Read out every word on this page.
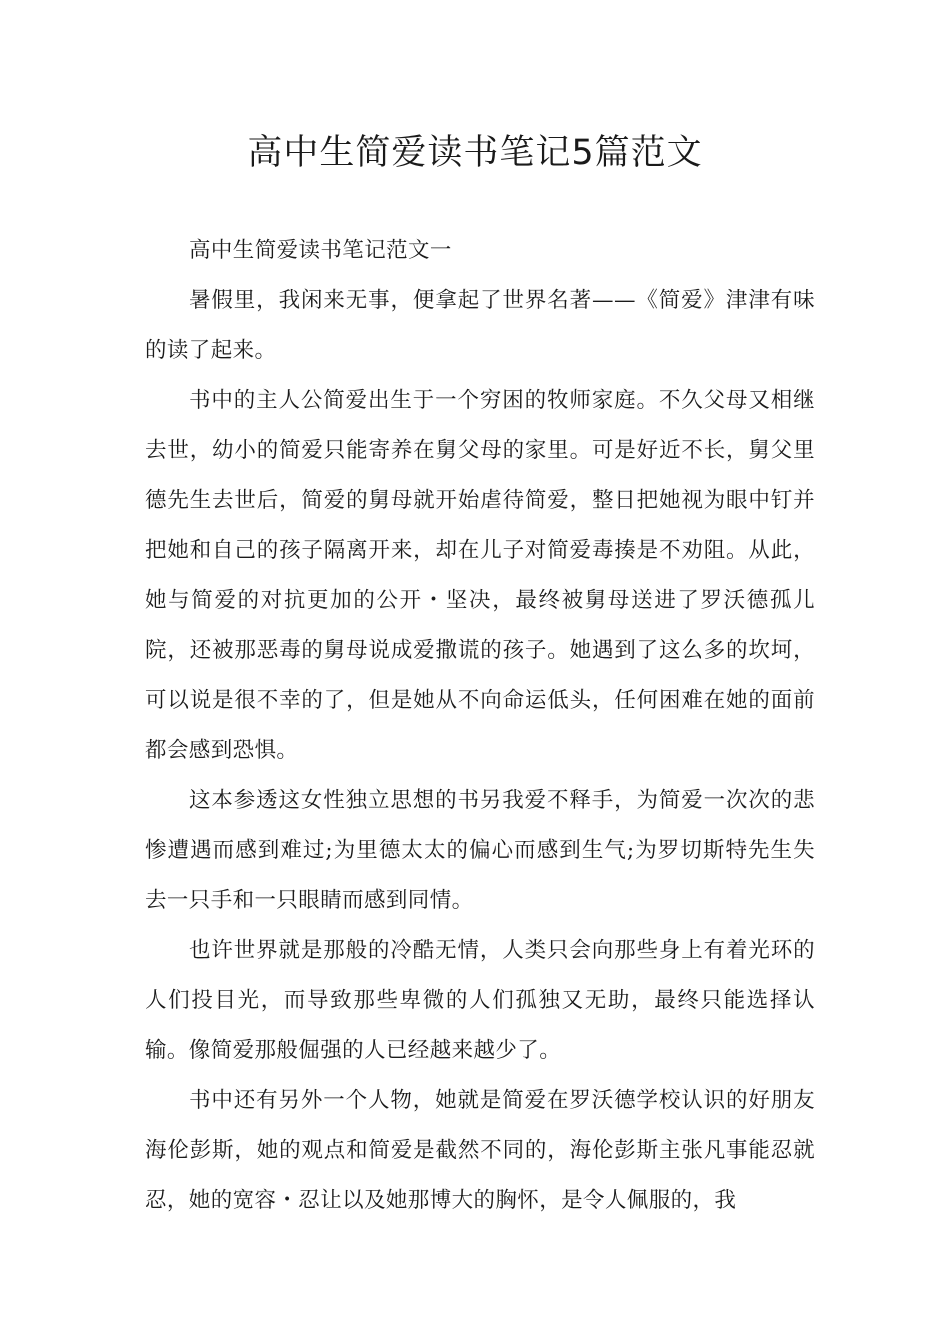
高中生简爱读书笔记5篇范文

高中生简爱读书笔记范文一

暑假里，我闲来无事，便拿起了世界名著——《简爱》津津有味的读了起来。

书中的主人公简爱出生于一个穷困的牧师家庭。不久父母又相继去世，幼小的简爱只能寄养在舅父母的家里。可是好近不长，舅父里德先生去世后，简爱的舅母就开始虐待简爱，整日把她视为眼中钉并把她和自己的孩子隔离开来，却在儿子对简爱毒揍是不劝阻。从此，她与简爱的对抗更加的公开・坚决，最终被舅母送进了罗沃德孤儿院，还被那恶毒的舅母说成爱撒谎的孩子。她遇到了这么多的坎坷，可以说是很不幸的了，但是她从不向命运低头，任何困难在她的面前都会感到恐惧。

这本参透这女性独立思想的书另我爱不释手，为简爱一次次的悲惨遭遇而感到难过;为里德太太的偏心而感到生气;为罗切斯特先生失去一只手和一只眼睛而感到同情。

也许世界就是那般的冷酷无情，人类只会向那些身上有着光环的人们投目光，而导致那些卑微的人们孤独又无助，最终只能选择认输。像简爱那般倔强的人已经越来越少了。

书中还有另外一个人物，她就是简爱在罗沃德学校认识的好朋友海伦彭斯，她的观点和简爱是截然不同的，海伦彭斯主张凡事能忍就忍，她的宽容・忍让以及她那博大的胸怀，是令人佩服的，我
